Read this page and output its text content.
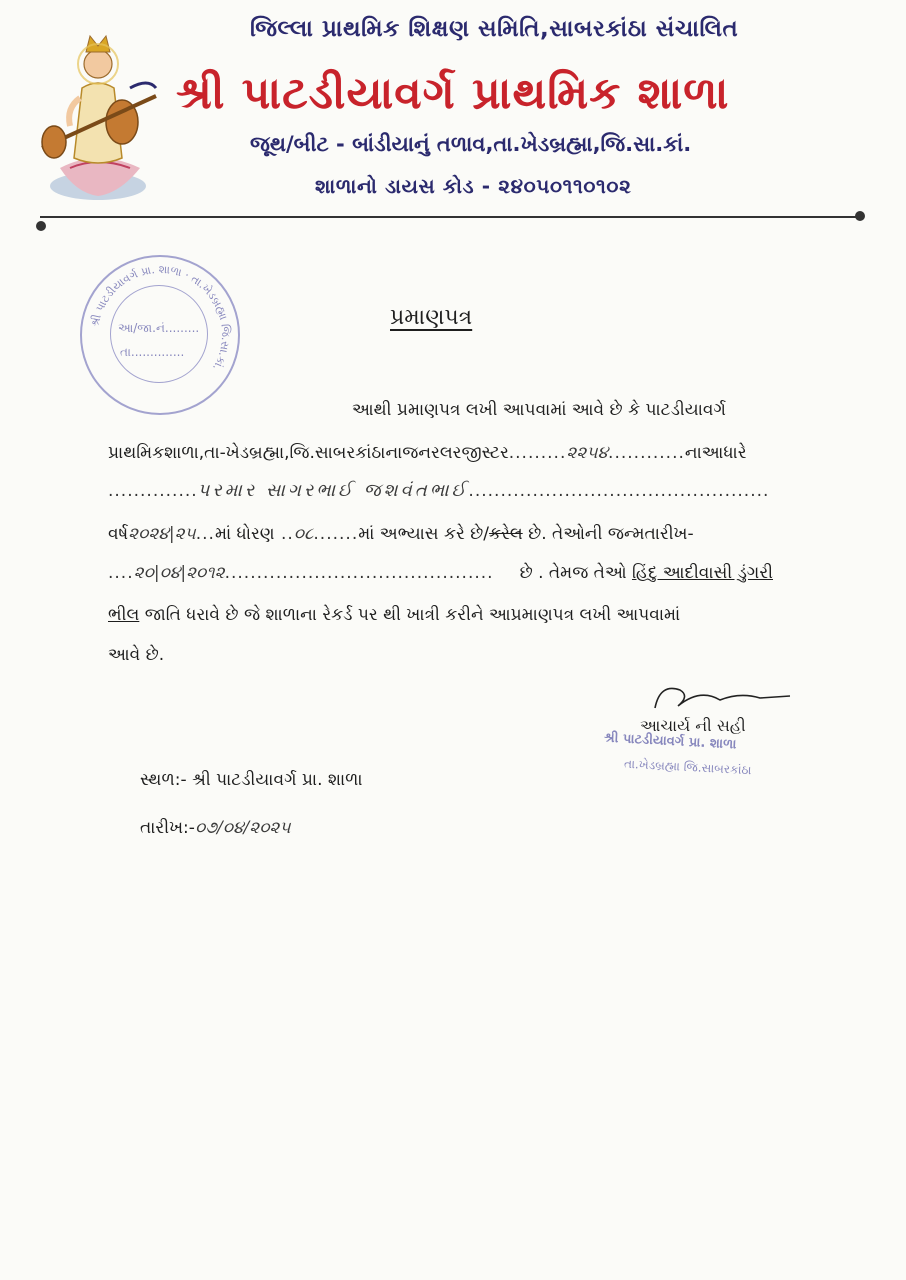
જિલ્લા પ્રાથમિક શિક્ષણ સમિતિ,સાબરકાંઠા સંચાલિત
શ્રી પાટડીયાવર્ગ પ્રાથમિક શાળા
જૂથ/બીટ - બાંડીયાનું તળાવ,તા.ખેડબ્રહ્મા,જિ.સા.કાં.
શાળાનો ડાયસ કોડ - ૨૪૦૫૦૧૧૦૧૦૨
શ્રી પાટડીયાવર્ગ પ્રા. શાળા · તા.ખેડબ્રહ્મા જિ.સા.કાં.
આ/જા.નં.........
તા..............
પ્રમાણપત્ર
આથી પ્રમાણપત્ર લખી આપવામાં આવે છે કે પાટડીયાવર્ગ
પ્રાથમિકશાળા,તા-ખેડબ્રહ્મા,જિ.સાબરકાંઠાનાજનરલરજીસ્ટર.........૨૨૫૪............નાઆધારે
..............પરમાર સાગરભાઈ જશવંતભાઈ...............................................
વર્ષ૨૦૨૪|૨૫...માં ધોરણ ..૦૮.......માં અભ્યાસ કરે છે/કરેલ છે. તેઓની જન્મતારીખ-
....૨૦|૦૪|૨૦૧૨.......................................... છે . તેમજ તેઓ હિંદુ આદીવાસી ડુંગરી
ભીલ જાતિ ધરાવે છે જે શાળાના રેકર્ડ પર થી ખાત્રી કરીને આપ્રમાણપત્ર લખી આપવામાં
આવે છે.
આચાર્ય ની સહી
શ્રી પાટડીયાવર્ગ પ્રા. શાળા
તા.ખેડબ્રહ્મા જિ.સાબરકાંઠા
સ્થળ:- શ્રી પાટડીયાવર્ગ પ્રા. શાળા
તારીખ:-૦૭/૦૪/૨૦૨૫
